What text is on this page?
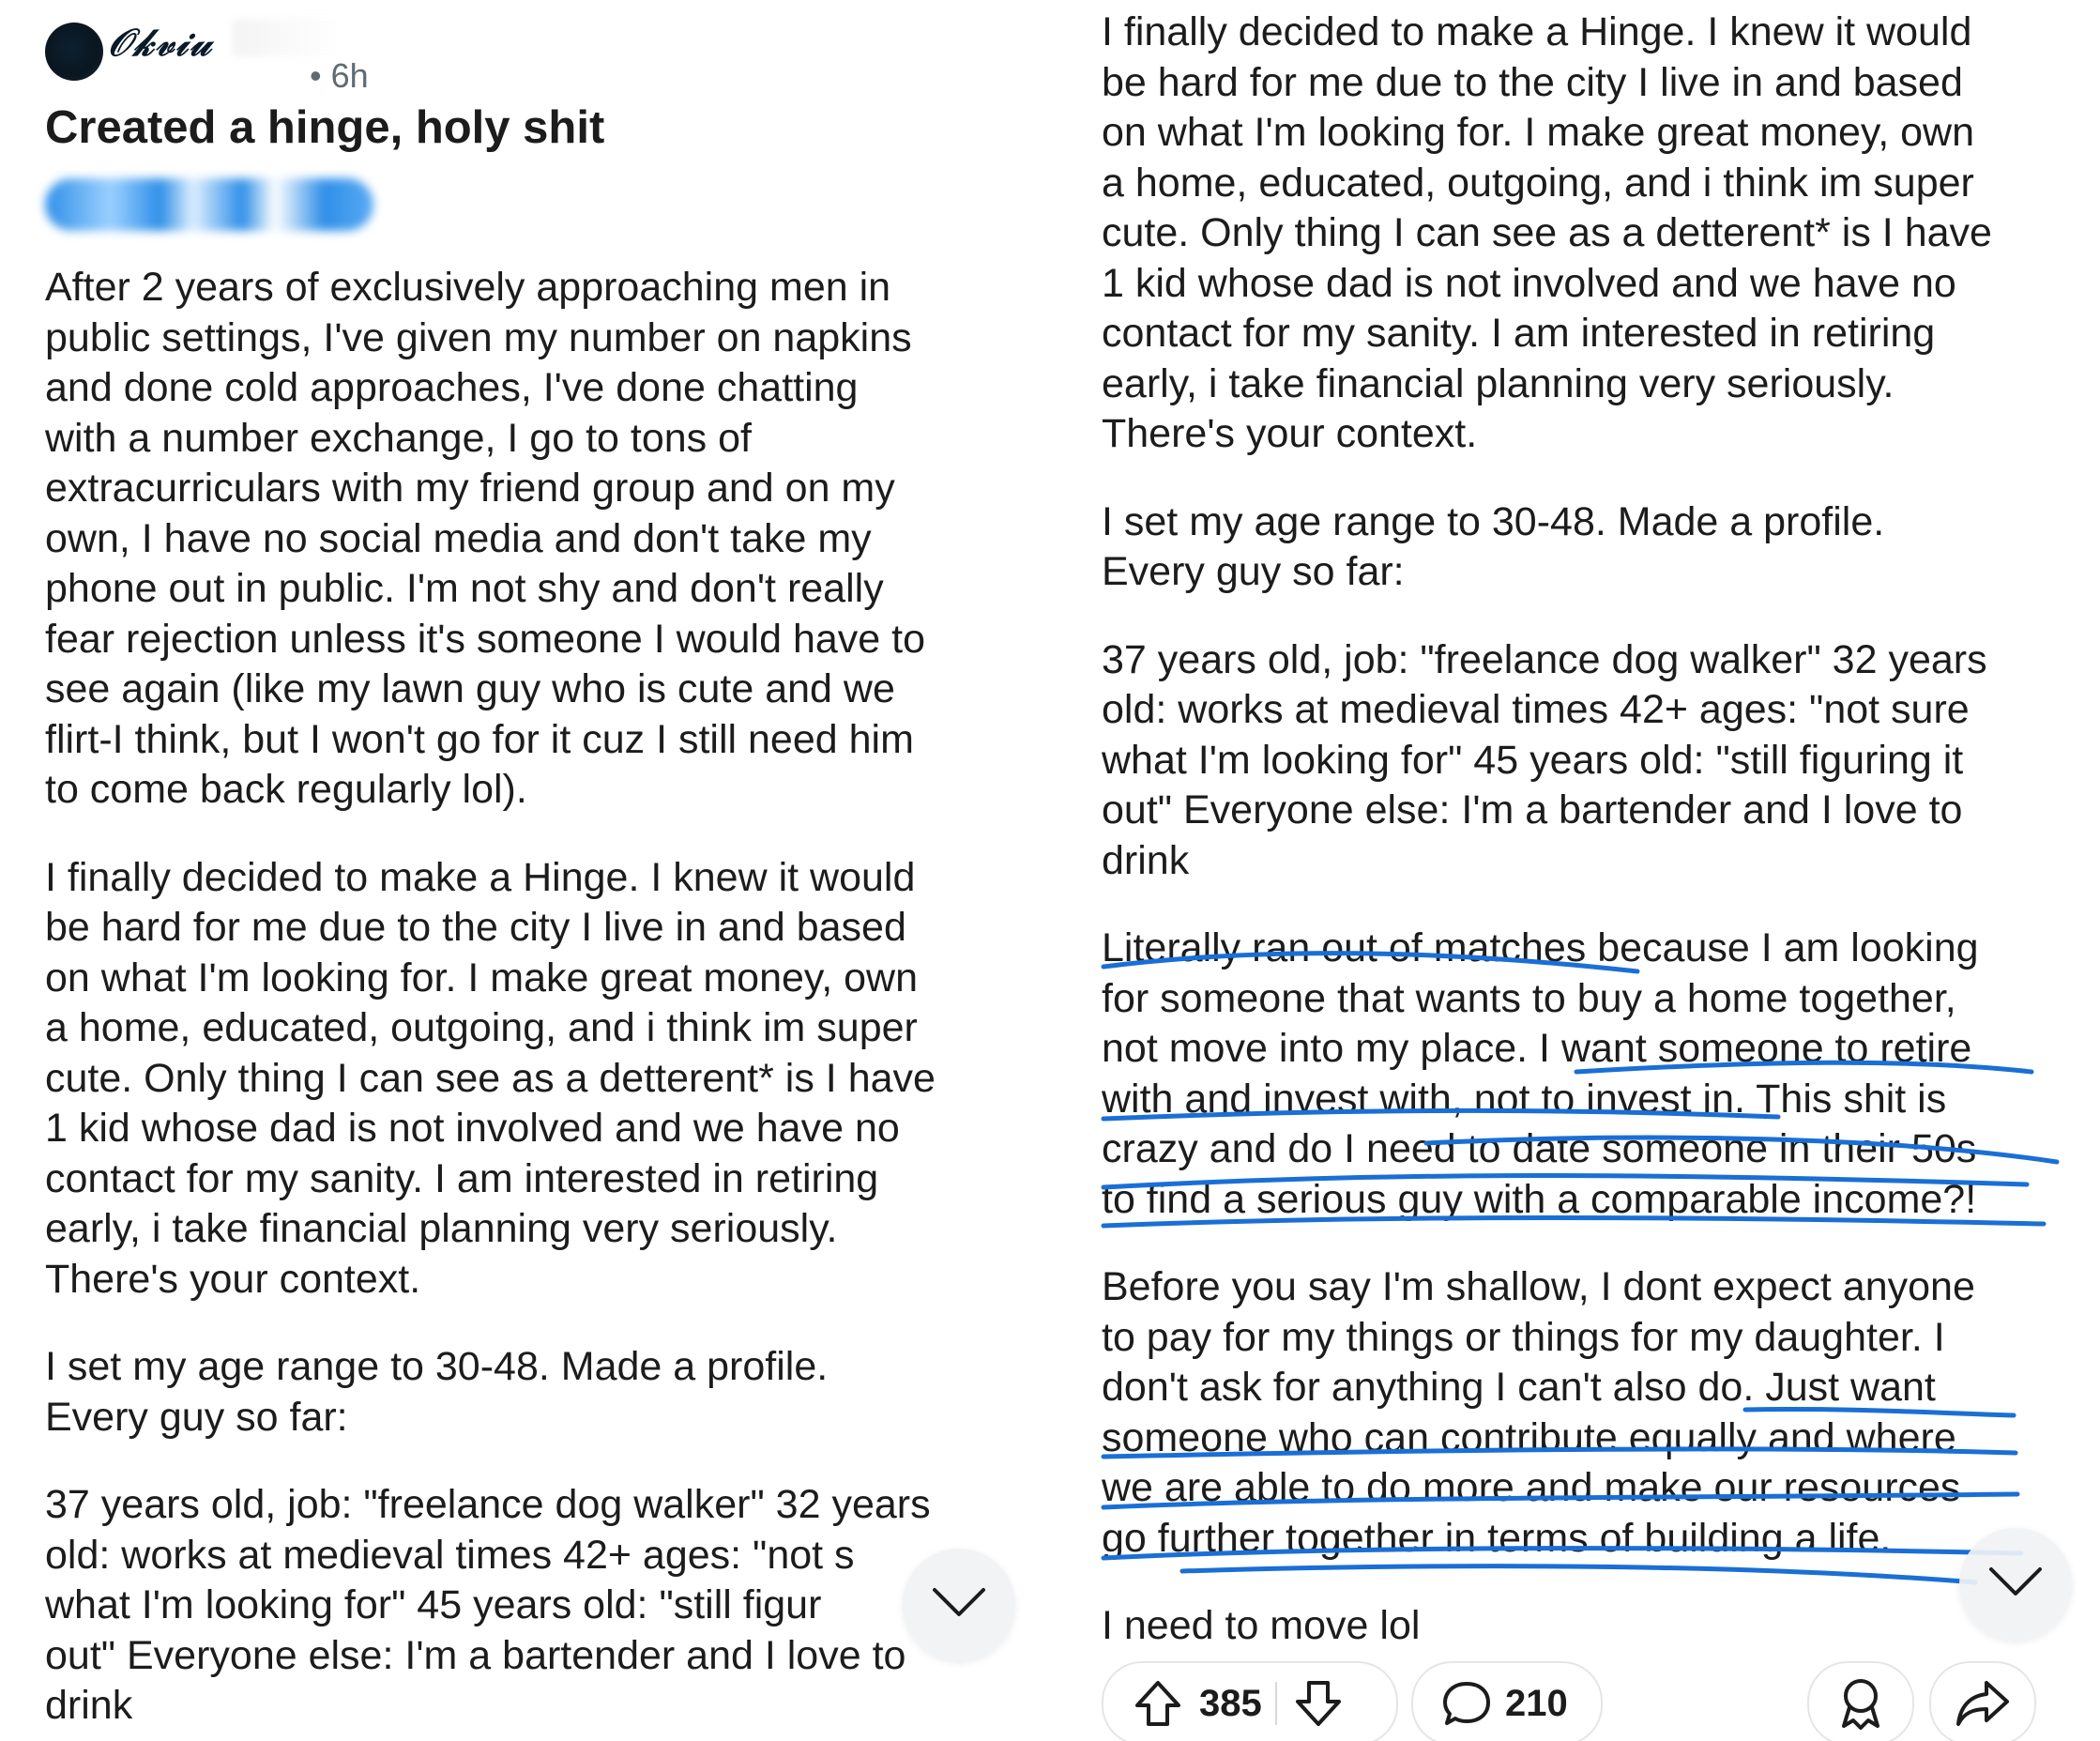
𝒪𝓀𝓋𝒾𝓊
• 6h
Created a hinge, holy shit

After 2 years of exclusively approaching men in
public settings, I've given my number on napkins
and done cold approaches, I've done chatting
with a number exchange, I go to tons of
extracurriculars with my friend group and on my
own, I have no social media and don't take my
phone out in public. I'm not shy and don't really
fear rejection unless it's someone I would have to
see again (like my lawn guy who is cute and we
flirt-I think, but I won't go for it cuz I still need him
to come back regularly lol).

I finally decided to make a Hinge. I knew it would
be hard for me due to the city I live in and based
on what I'm looking for. I make great money, own
a home, educated, outgoing, and i think im super
cute. Only thing I can see as a detterent* is I have
1 kid whose dad is not involved and we have no
contact for my sanity. I am interested in retiring
early, i take financial planning very seriously.
There's your context.

I set my age range to 30-48. Made a profile.
Every guy so far:

37 years old, job: "freelance dog walker" 32 years
old: works at medieval times 42+ ages: "not s
what I'm looking for" 45 years old: "still figur
out" Everyone else: I'm a bartender and I love to
drink

I finally decided to make a Hinge. I knew it would
be hard for me due to the city I live in and based
on what I'm looking for. I make great money, own
a home, educated, outgoing, and i think im super
cute. Only thing I can see as a detterent* is I have
1 kid whose dad is not involved and we have no
contact for my sanity. I am interested in retiring
early, i take financial planning very seriously.
There's your context.

I set my age range to 30-48. Made a profile.
Every guy so far:

37 years old, job: "freelance dog walker" 32 years
old: works at medieval times 42+ ages: "not sure
what I'm looking for" 45 years old: "still figuring it
out" Everyone else: I'm a bartender and I love to
drink

Literally ran out of matches because I am looking
for someone that wants to buy a home together,
not move into my place. I want someone to retire
with and invest with, not to invest in. This shit is
crazy and do I need to date someone in their 50s
to find a serious guy with a comparable income?!

Before you say I'm shallow, I dont expect anyone
to pay for my things or things for my daughter. I
don't ask for anything I can't also do. Just want
someone who can contribute equally and where
we are able to do more and make our resources
go further together in terms of building a life.

I need to move lol

385	210
